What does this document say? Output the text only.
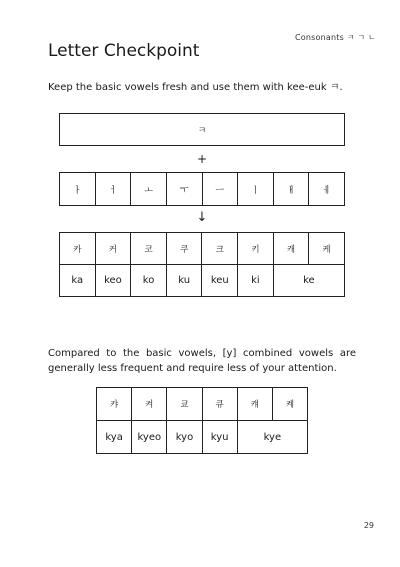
Consonants ㅋ ㄱ ㄴ
Letter Checkpoint
Keep the basic vowels fresh and use them with kee-euk ㅋ.
ㅋ
+
ㅏ	ㅓ	ㅗ	ㅜ	ㅡ	ㅣ	ㅐ	ㅔ
↓
카	커	코	쿠	크	키	캐	케
ka	keo	ko	ku	keu	ki	ke	

Compared to the basic vowels, [y] combined vowels are generally less frequent and require less of your attention.

캬	켜	쿄	큐	컈	켸
kya	kyeo	kyo	kyu	kye	
29
